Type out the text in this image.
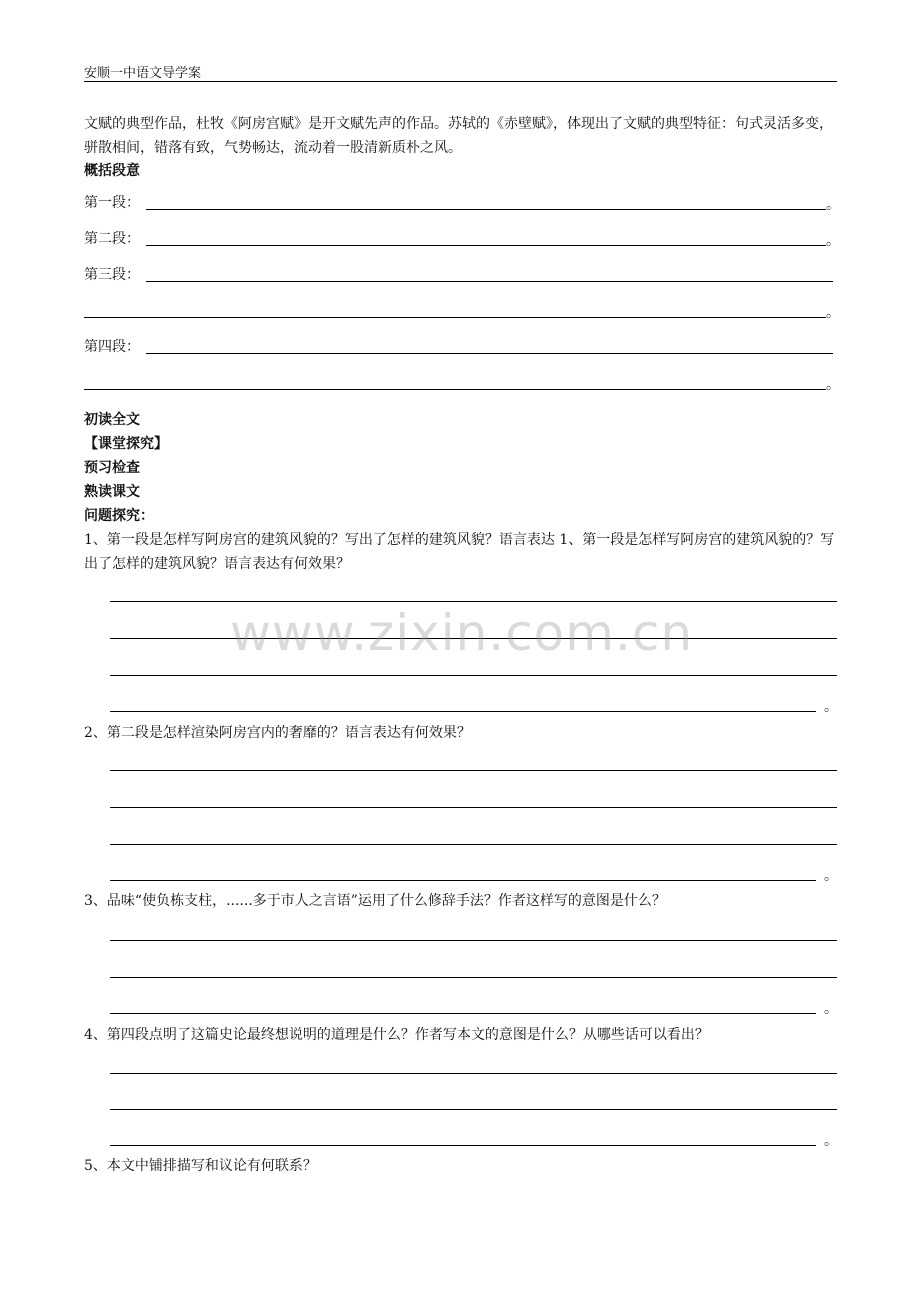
安顺一中语文导学案
文赋的典型作品，杜牧《阿房宫赋》是开文赋先声的作品。苏轼的《赤壁赋》，体现出了文赋的典型特征：句式灵活多变，骈散相间，错落有致，气势畅达，流动着一股清新质朴之风。
概括段意
第一段：	。
第二段：	。
第三段：
。
第四段：
。
初读全文
【课堂探究】
预习检查
熟读课文
问题探究：
1、第一段是怎样写阿房宫的建筑风貌的？写出了怎样的建筑风貌？语言表达 1、第一段是怎样写阿房宫的建筑风貌的？写出了怎样的建筑风貌？语言表达有何效果？
。
2、第二段是怎样渲染阿房宫内的奢靡的？语言表达有何效果？
。
3、品味“使负栋支柱，......多于市人之言语”运用了什么修辞手法？作者这样写的意图是什么？
。
4、第四段点明了这篇史论最终想说明的道理是什么？作者写本文的意图是什么？从哪些话可以看出？
。
5、本文中铺排描写和议论有何联系？
www.zixin.com.cn
